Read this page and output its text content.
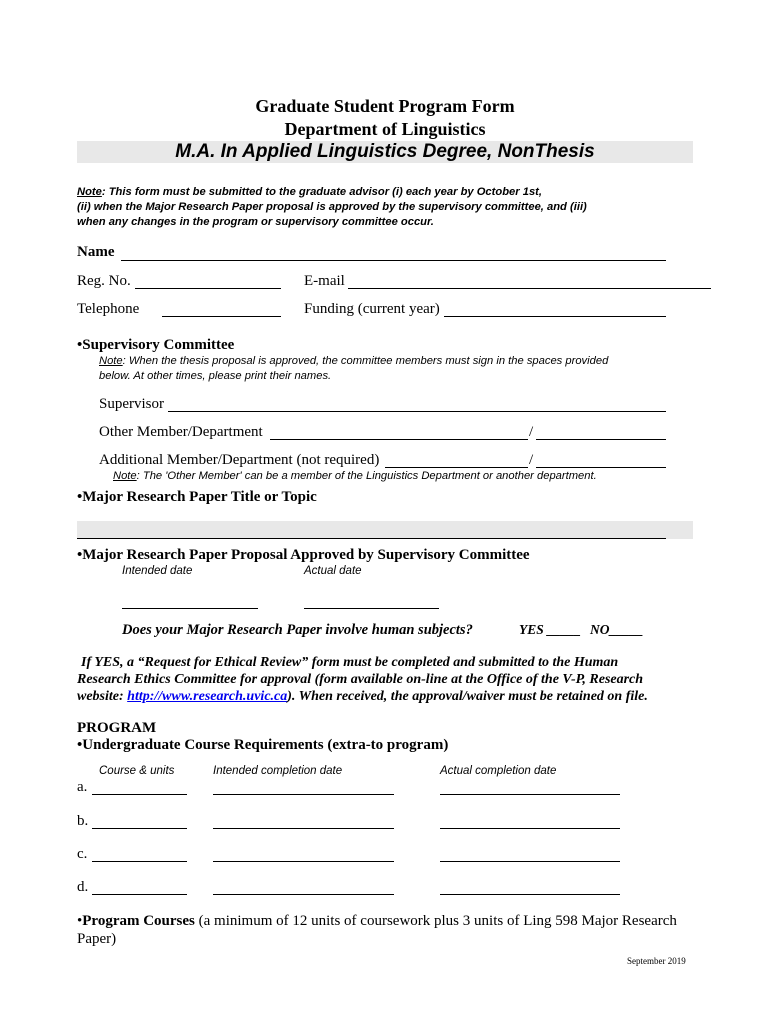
Graduate Student Program Form
Department of Linguistics
M.A. In Applied Linguistics Degree, NonThesis
Note: This form must be submitted to the graduate advisor (i) each year by October 1st,
(ii) when the Major Research Paper proposal is approved by the supervisory committee, and (iii)
when any changes in the program or supervisory committee occur.
Name
Reg. No.	E-mail
Telephone	Funding (current year)
•Supervisory Committee
Note: When the thesis proposal is approved, the committee members must sign in the spaces provided
below. At other times, please print their names.
Supervisor
Other Member/Department	/
Additional Member/Department (not required)	/
Note: The 'Other Member' can be a member of the Linguistics Department or another department.
•Major Research Paper Title or Topic
•Major Research Paper Proposal Approved by Supervisory Committee
Intended date	Actual date
Does your Major Research Paper involve human subjects?	YES _____ NO_____
If YES, a “Request for Ethical Review” form must be completed and submitted to the Human
Research Ethics Committee for approval (form available on-line at the Office of the V-P, Research
website: http://www.research.uvic.ca). When received, the approval/waiver must be retained on file.
PROGRAM
•Undergraduate Course Requirements (extra-to program)
Course & units	Intended completion date	Actual completion date
a.
b.
c.
d.
•Program Courses (a minimum of 12 units of coursework plus 3 units of Ling 598 Major Research
Paper)
September 2019
